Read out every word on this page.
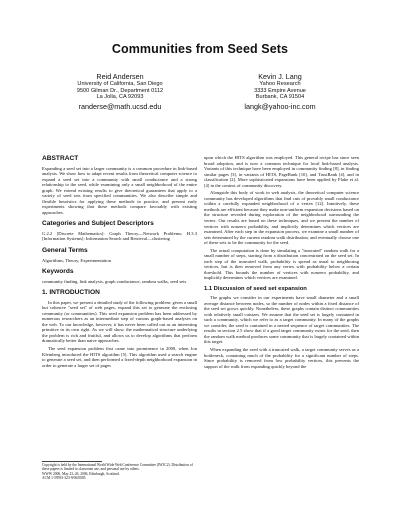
Communities from Seed Sets
Reid Andersen
University of California, San Diego
9500 Gilman Dr., Department 0112
La Jolla, CA 92093
randerse@math.ucsd.edu
Kevin J. Lang
Yahoo Research
3333 Empire Avenue
Burbank, CA 91504
langk@yahoo-inc.com
ABSTRACT

Expanding a seed set into a larger community is a common procedure in link-based analysis. We show how to adapt recent results from theoretical computer science to expand a seed set into a community with small conductance and a strong relationship to the seed, while examining only a small neighborhood of the entire graph. We extend existing results to give theoretical guarantees that apply to a variety of seed sets from specified communities. We also describe simple and flexible heuristics for applying these methods in practice, and present early experiments showing that these methods compare favorably with existing approaches.

Categories and Subject Descriptors

G.2.2 [Discrete Mathematics]: Graph Theory—Network Problems; H.3.3 [Information Systems]: Information Search and Retrieval—clustering

General Terms

Algorithms, Theory, Experimentation

Keywords

community finding, link analysis, graph conductance, random walks, seed sets

1. INTRODUCTION

In this paper, we present a detailed study of the following problem: given a small but cohesive "seed set" of web pages, expand this set to generate the enclosing community (or communities). This seed expansion problem has been addressed by numerous researchers as an intermediate step of various graph-based analyses on the web. To our knowledge, however, it has never been called out as an interesting primitive in its own right. As we will show, the mathematical structure underlying the problem is rich and fruitful, and allows us to develop algorithms that perform dramatically better than naive approaches.

The seed expansion problem first came into prominence in 2000, when Jon Kleinberg introduced the HITS algorithm [5]. This algorithm used a search engine to generate a seed set, and then performed a fixed-depth neighborhood expansion in order to generate a larger set of pages

Copyright is held by the International World Wide Web Conference Committee (IW3C2). Distribution of these papers is limited to classroom use, and personal use by others.
WWW 2006, May 23–26, 2006, Edinburgh, Scotland.
ACM 1-59593-323-9/06/0005.

upon which the HITS algorithm was employed. This general recipe has since seen broad adoption, and is now a common technique for local link-based analysis. Variants of this technique have been employed in community finding [8], in finding similar pages [3], in variants of HITS, PageRank [10], and TrustRank [4], and in classification [2]. More sophisticated expansions have been applied by Flake et al. [4] in the context of community discovery.

Alongside this body of work in web analysis, the theoretical computer science community has developed algorithms that find cuts of provably small conductance within a carefully expanded neighborhood of a vertex [12]. Intuitively, these methods are efficient because they make non-uniform expansion decisions based on the structure revealed during exploration of the neighborhood surrounding the vertex. Our results are based on these techniques, and we present the number of vertices with nonzero probability, and implicitly determines which vertices are examined. After each step in the expansion process, we examine a small number of sets determined by the current random walk distribution, and eventually choose one of these sets to be the community for the seed.

The actual computation is done by simulating a "truncated" random walk for a small number of steps, starting from a distribution concentrated on the seed set. In each step of the truncated walk, probability is spread as usual to neighboring vertices, but is then removed from any vertex with probability below a certain threshold. This bounds the number of vertices with nonzero probability, and implicitly determines which vertices are examined.

1.1 Discussion of seed set expansion

The graphs we consider in our experiments have small diameter and a small average distance between nodes, so the number of nodes within a fixed distance of the seed set grows quickly. Nonetheless, these graphs contain distinct communities with relatively small cutsizes. We assume that the seed set is largely contained in such a community, which we refer to as a target community. In many of the graphs we consider, the seed is contained in a nested sequence of target communities. The results in section 2.5 show that if a good target community exists for the seed, then the random walk method produces some community that is largely contained within this target.

When expanding the seed with a truncated walk, a target community serves as a bottleneck, containing much of the probability for a significant number of steps. Since probability is removed from low probability vertices, this prevents the support of the walk from expanding quickly beyond the
